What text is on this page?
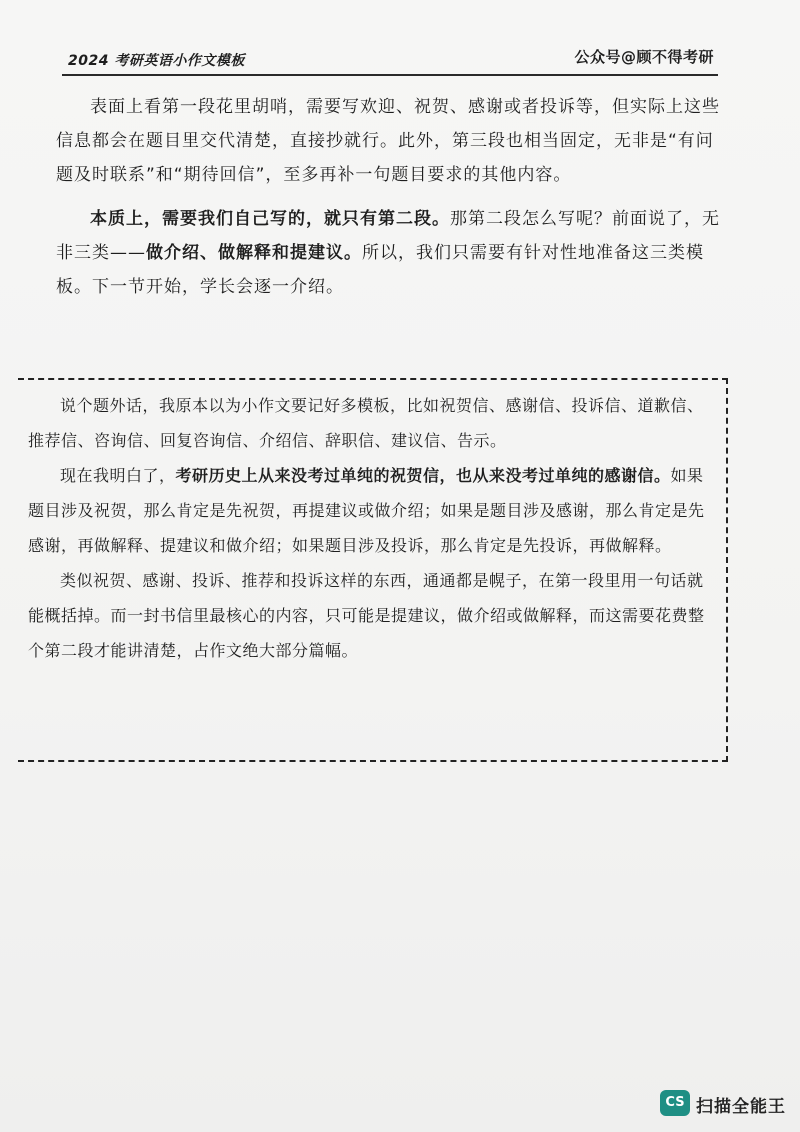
2024 考研英语小作文模板	公众号@顾不得考研

表面上看第一段花里胡哨，需要写欢迎、祝贺、感谢或者投诉等，但实际上这些信息都会在题目里交代清楚，直接抄就行。此外，第三段也相当固定，无非是“有问题及时联系”和“期待回信”，至多再补一句题目要求的其他内容。

本质上，需要我们自己写的，就只有第二段。那第二段怎么写呢？前面说了，无非三类——做介绍、做解释和提建议。所以，我们只需要有针对性地准备这三类模板。下一节开始，学长会逐一介绍。

说个题外话，我原本以为小作文要记好多模板，比如祝贺信、感谢信、投诉信、道歉信、推荐信、咨询信、回复咨询信、介绍信、辞职信、建议信、告示。

现在我明白了，考研历史上从来没考过单纯的祝贺信，也从来没考过单纯的感谢信。如果题目涉及祝贺，那么肯定是先祝贺，再提建议或做介绍；如果是题目涉及感谢，那么肯定是先感谢，再做解释、提建议和做介绍；如果题目涉及投诉，那么肯定是先投诉，再做解释。

类似祝贺、感谢、投诉、推荐和投诉这样的东西，通通都是幌子，在第一段里用一句话就能概括掉。而一封书信里最核心的内容，只可能是提建议，做介绍或做解释，而这需要花费整个第二段才能讲清楚，占作文绝大部分篇幅。

CS 扫描全能王
